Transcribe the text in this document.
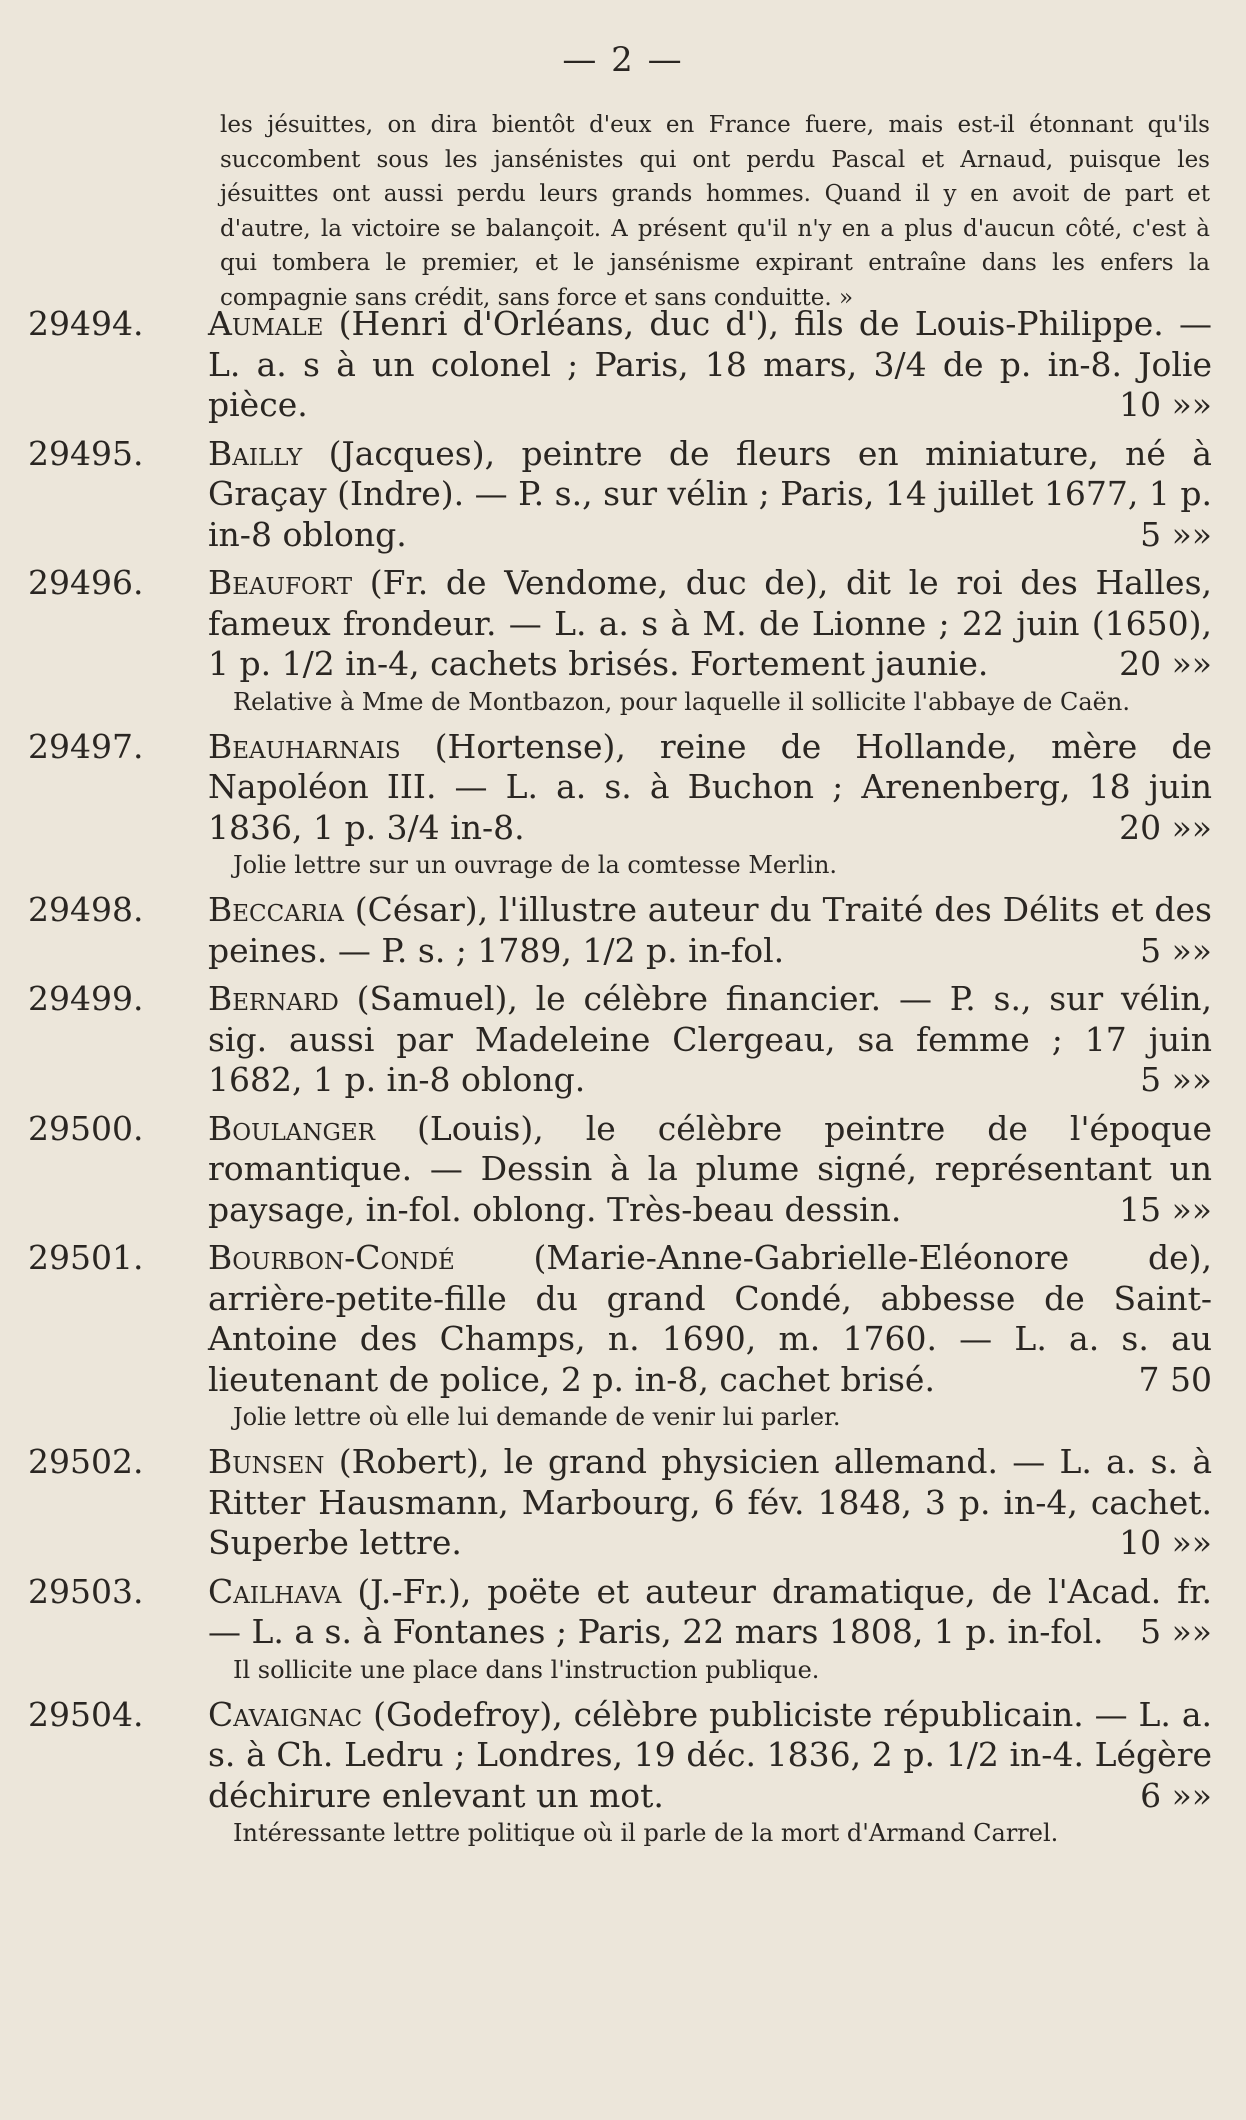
— 2 —

les jésuittes, on dira bientôt d'eux en France fuere, mais est-il étonnant qu'ils succombent sous les jansénistes qui ont perdu Pascal et Arnaud, puisque les jésuittes ont aussi perdu leurs grands hommes. Quand il y en avoit de part et d'autre, la victoire se balançoit. A présent qu'il n'y en a plus d'aucun côté, c'est à qui tombera le premier, et le jansénisme expirant entraîne dans les enfers la compagnie sans crédit, sans force et sans conduitte. »

29494. Aumale (Henri d'Orléans, duc d'), fils de Louis-Philippe. — L. a. s à un colonel ; Paris, 18 mars, 3/4 de p. in-8. Jolie pièce.	10 »»
29495. Bailly (Jacques), peintre de fleurs en miniature, né à Graçay (Indre). — P. s., sur vélin ; Paris, 14 juillet 1677, 1 p. in-8 oblong.	5 »»
29496. Beaufort (Fr. de Vendome, duc de), dit le roi des Halles, fameux frondeur. — L. a. s à M. de Lionne ; 22 juin (1650), 1 p. 1/2 in-4, cachets brisés. Fortement jaunie.	20 »»
Relative à Mme de Montbazon, pour laquelle il sollicite l'abbaye de Caën.
29497. Beauharnais (Hortense), reine de Hollande, mère de Napoléon III. — L. a. s. à Buchon ; Arenenberg, 18 juin 1836, 1 p. 3/4 in-8.	20 »»
Jolie lettre sur un ouvrage de la comtesse Merlin.
29498. Beccaria (César), l'illustre auteur du Traité des Délits et des peines. — P. s. ; 1789, 1/2 p. in-fol.	5 »»
29499. Bernard (Samuel), le célèbre financier. — P. s., sur vélin, sig. aussi par Madeleine Clergeau, sa femme ; 17 juin 1682, 1 p. in-8 oblong.	5 »»
29500. Boulanger (Louis), le célèbre peintre de l'époque romantique. — Dessin à la plume signé, représentant un paysage, in-fol. oblong. Très-beau dessin.	15 »»
29501. Bourbon-Condé (Marie-Anne-Gabrielle-Eléonore de), arrière-petite-fille du grand Condé, abbesse de Saint-Antoine des Champs, n. 1690, m. 1760. — L. a. s. au lieutenant de police, 2 p. in-8, cachet brisé.	7 50
Jolie lettre où elle lui demande de venir lui parler.
29502. Bunsen (Robert), le grand physicien allemand. — L. a. s. à Ritter Hausmann, Marbourg, 6 fév. 1848, 3 p. in-4, cachet. Superbe lettre.	10 »»
29503. Cailhava (J.-Fr.), poëte et auteur dramatique, de l'Acad. fr. — L. a s. à Fontanes ; Paris, 22 mars 1808, 1 p. in-fol. 5 »»
Il sollicite une place dans l'instruction publique.
29504. Cavaignac (Godefroy), célèbre publiciste républicain. — L. a. s. à Ch. Ledru ; Londres, 19 déc. 1836, 2 p. 1/2 in-4. Légère déchirure enlevant un mot.	6 »»
Intéressante lettre politique où il parle de la mort d'Armand Carrel.
